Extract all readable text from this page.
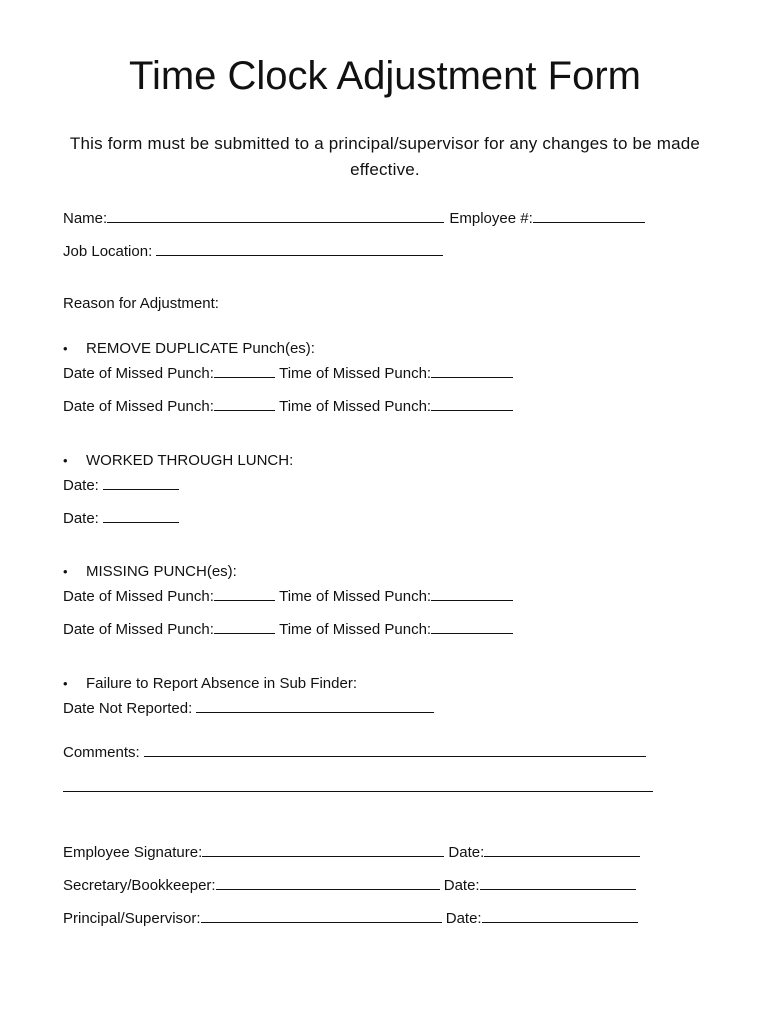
Time Clock Adjustment Form
This form must be submitted to a principal/supervisor for any changes to be made effective.
Name:	Employee #:
Job Location:
Reason for Adjustment:
• REMOVE DUPLICATE Punch(es):
Date of Missed Punch:	Time of Missed Punch:
Date of Missed Punch:	Time of Missed Punch:
• WORKED THROUGH LUNCH:
Date:
Date:
• MISSING PUNCH(es):
Date of Missed Punch:	Time of Missed Punch:
Date of Missed Punch:	Time of Missed Punch:
• Failure to Report Absence in Sub Finder:
Date Not Reported:
Comments:
Employee Signature:	Date:
Secretary/Bookkeeper:	Date:
Principal/Supervisor:	Date:
